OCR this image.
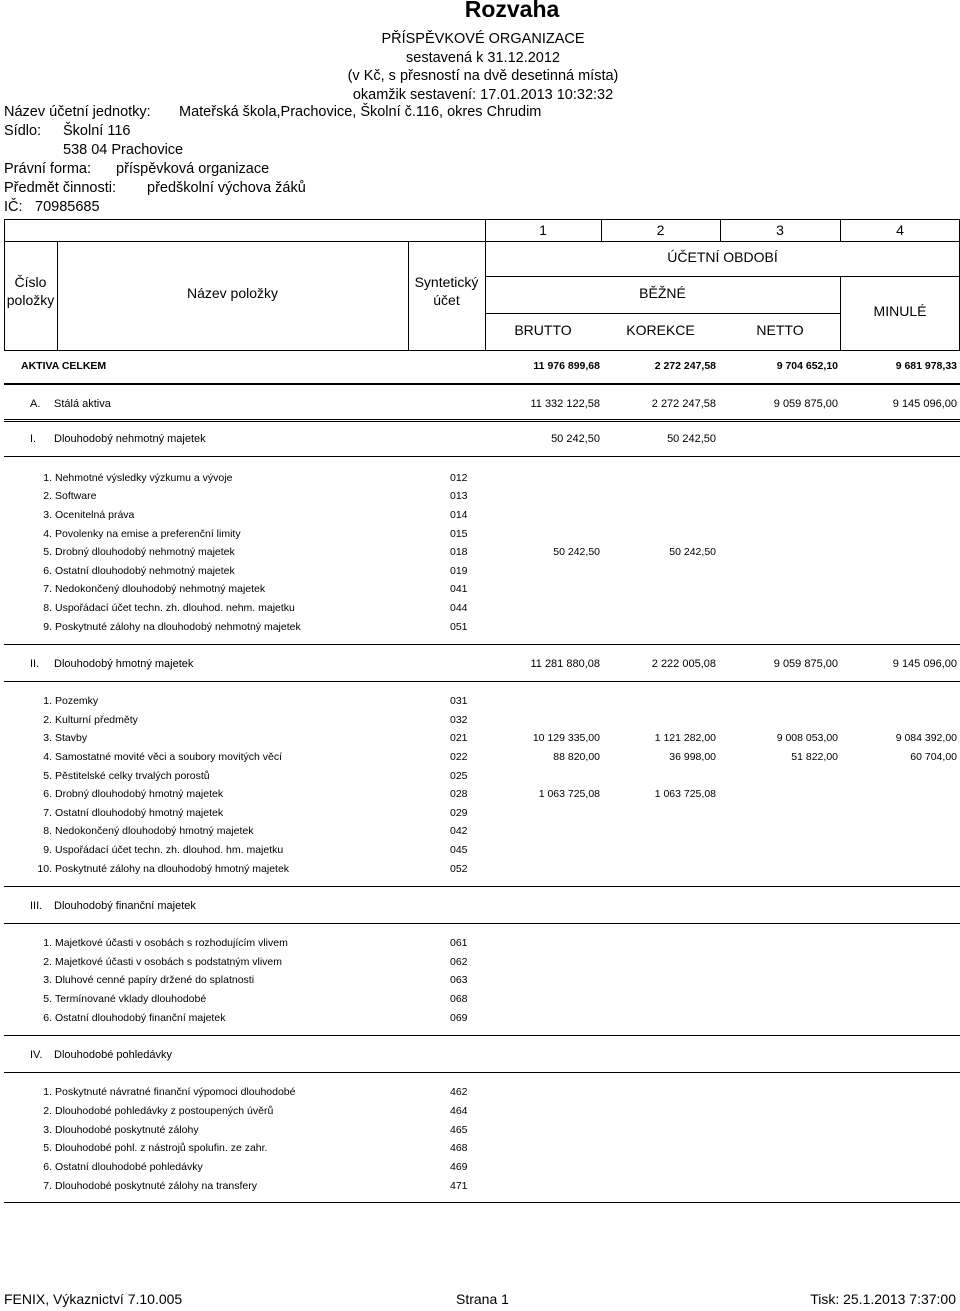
Rozvaha
PŘÍSPĚVKOVÉ ORGANIZACE
sestavená k 31.12.2012
(v Kč, s přesností na dvě desetinná místa)
okamžik sestavení: 17.01.2013 10:32:32
Název účetní jednotky: Mateřská škola,Prachovice, Školní č.116, okres Chrudim
Sídlo: Školní 116
538 04 Prachovice
Právní forma: příspěvková organizace
Předmět činnosti: předškolní výchova žáků
IČ: 70985685
1	2	3	4
Číslo
položky	Název položky
Syntetický
účet
ÚČETNÍ OBDOBÍ
BĚŽNÉ
BRUTTO	KOREKCE	NETTO
MINULÉ
AKTIVA CELKEM	11 976 899,68	2 272 247,58	9 704 652,10	9 681 978,33
A. Stálá aktiva	11 332 122,58	2 272 247,58	9 059 875,00	9 145 096,00
I. Dlouhodobý nehmotný majetek	50 242,50	50 242,50
1. Nehmotné výsledky výzkumu a vývoje	012
2. Software	013
3. Ocenitelná práva	014
4. Povolenky na emise a preferenční limity	015
5. Drobný dlouhodobý nehmotný majetek	018	50 242,50	50 242,50
6. Ostatní dlouhodobý nehmotný majetek	019
7. Nedokončený dlouhodobý nehmotný majetek	041
8. Uspořádací účet techn. zh. dlouhod. nehm. majetku	044
9. Poskytnuté zálohy na dlouhodobý nehmotný majetek	051
II. Dlouhodobý hmotný majetek	11 281 880,08	2 222 005,08	9 059 875,00	9 145 096,00
1. Pozemky	031
2. Kulturní předměty	032
3. Stavby	021	10 129 335,00	1 121 282,00	9 008 053,00	9 084 392,00
4. Samostatné movité věci a soubory movitých věcí	022	88 820,00	36 998,00	51 822,00	60 704,00
5. Pěstitelské celky trvalých porostů	025
6. Drobný dlouhodobý hmotný majetek	028	1 063 725,08	1 063 725,08
7. Ostatní dlouhodobý hmotný majetek	029
8. Nedokončený dlouhodobý hmotný majetek	042
9. Uspořádací účet techn. zh. dlouhod. hm. majetku	045
10. Poskytnuté zálohy na dlouhodobý hmotný majetek	052
III. Dlouhodobý finanční majetek
1. Majetkové účasti v osobách s rozhodujícím vlivem	061
2. Majetkové účasti v osobách s podstatným vlivem	062
3. Dluhové cenné papíry držené do splatnosti	063
5. Termínované vklady dlouhodobé	068
6. Ostatní dlouhodobý finanční majetek	069
IV. Dlouhodobé pohledávky
1. Poskytnuté návratné finanční výpomoci dlouhodobé	462
2. Dlouhodobé pohledávky z postoupených úvěrů	464
3. Dlouhodobé poskytnuté zálohy	465
5. Dlouhodobé pohl. z nástrojů spolufin. ze zahr.	468
6. Ostatní dlouhodobé pohledávky	469
7. Dlouhodobé poskytnuté zálohy na transfery	471
FENIX, Výkaznictví 7.10.005	Strana 1	Tisk: 25.1.2013 7:37:00
